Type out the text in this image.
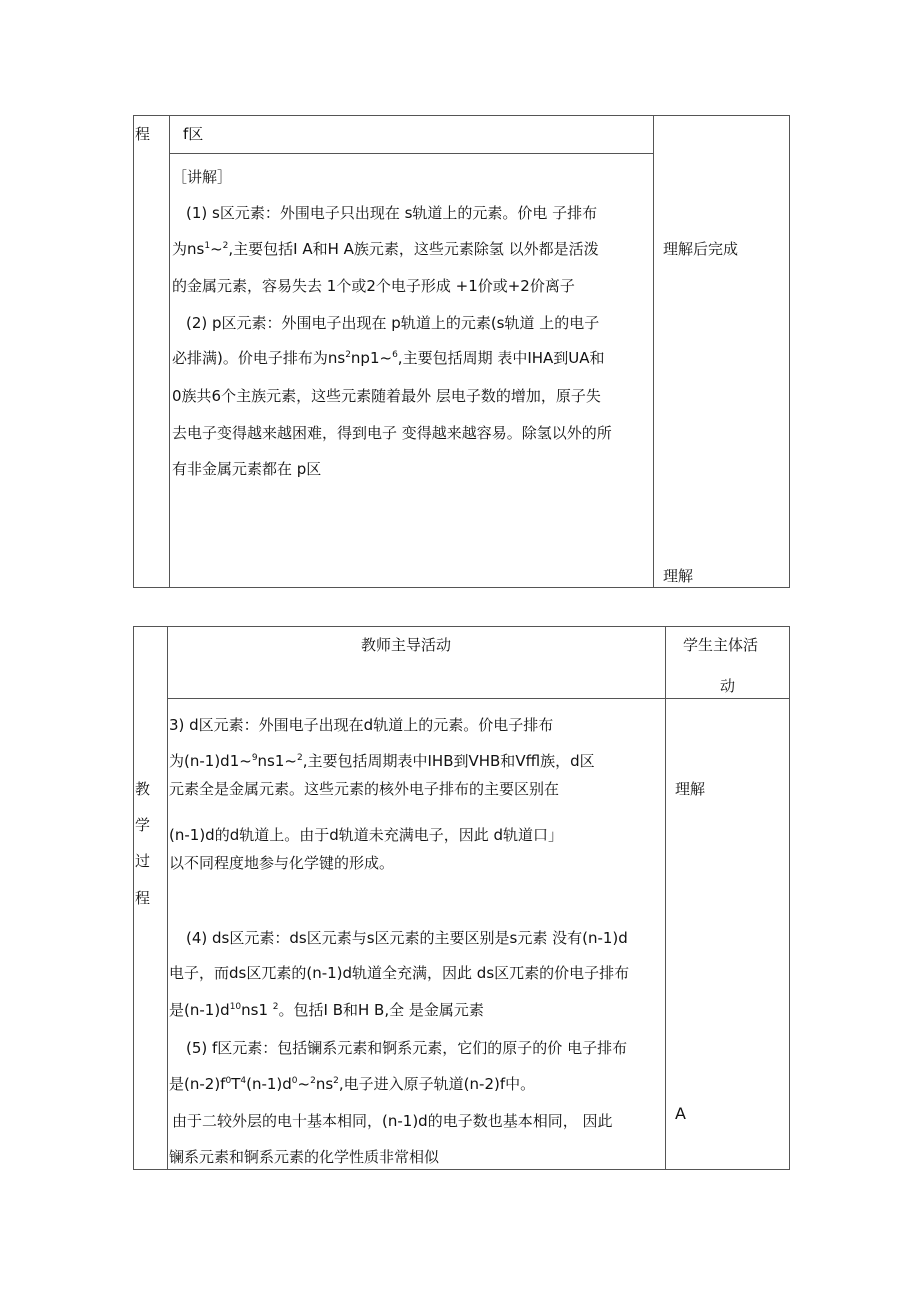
程 f区
［讲解］
(1) s区元素：外围电子只出现在 s轨道上的元素。价电 子排布
为$ns^1\sim^2$,主要包括I A和H A族元素，这些元素除氢 以外都是活泼
的金属元素，容易失去 1个或2个电子形成 +1价或+2价离子
(2) p区元素：外围电子出现在 p轨道上的元素(s轨道 上的电子
必排满)。价电子排布为$ns^2np1\sim^6$,主要包括周期 表中IHA到UA和
0族共6个主族元素，这些元素随着最外 层电子数的增加，原子失
去电子变得越来越困难，得到电子 变得越来越容易。除氢以外的所
有非金属元素都在 p区
理解后完成
理解
教
学
过
程
教师主导活动	学生主体活
动
3) d区元素：外围电子出现在d轨道上的元素。价电子排布
为(n-1)d1~$^9$ns1~$^2$,主要包括周期表中IHB到VHB和Vffl族，d区
元素全是金属元素。这些元素的核外电子排布的主要区别在
(n-1)d的d轨道上。由于d轨道未充满电子，因此 d轨道口」
以不同程度地参与化学键的形成。
(4) ds区元素：ds区元素与s区元素的主要区别是s元素 没有(n-1)d
电子，而ds区兀素的(n-1)d轨道全充满，因此 ds区兀素的价电子排布
是$(n-1)d^{10}ns1$ $^2$。包括I B和H B,全 是金属元素
(5) f区元素：包括镧系元素和锕系元素，它们的原子的价 电子排布
是$(n-2)f^0T^4(n-1)d^0\sim^2ns^2$,电子进入原子轨道(n-2)f中。
由于二较外层的电十基本相同，(n-1)d的电子数也基本相同， 因此
镧系元素和锕系元素的化学性质非常相似
理解
A
